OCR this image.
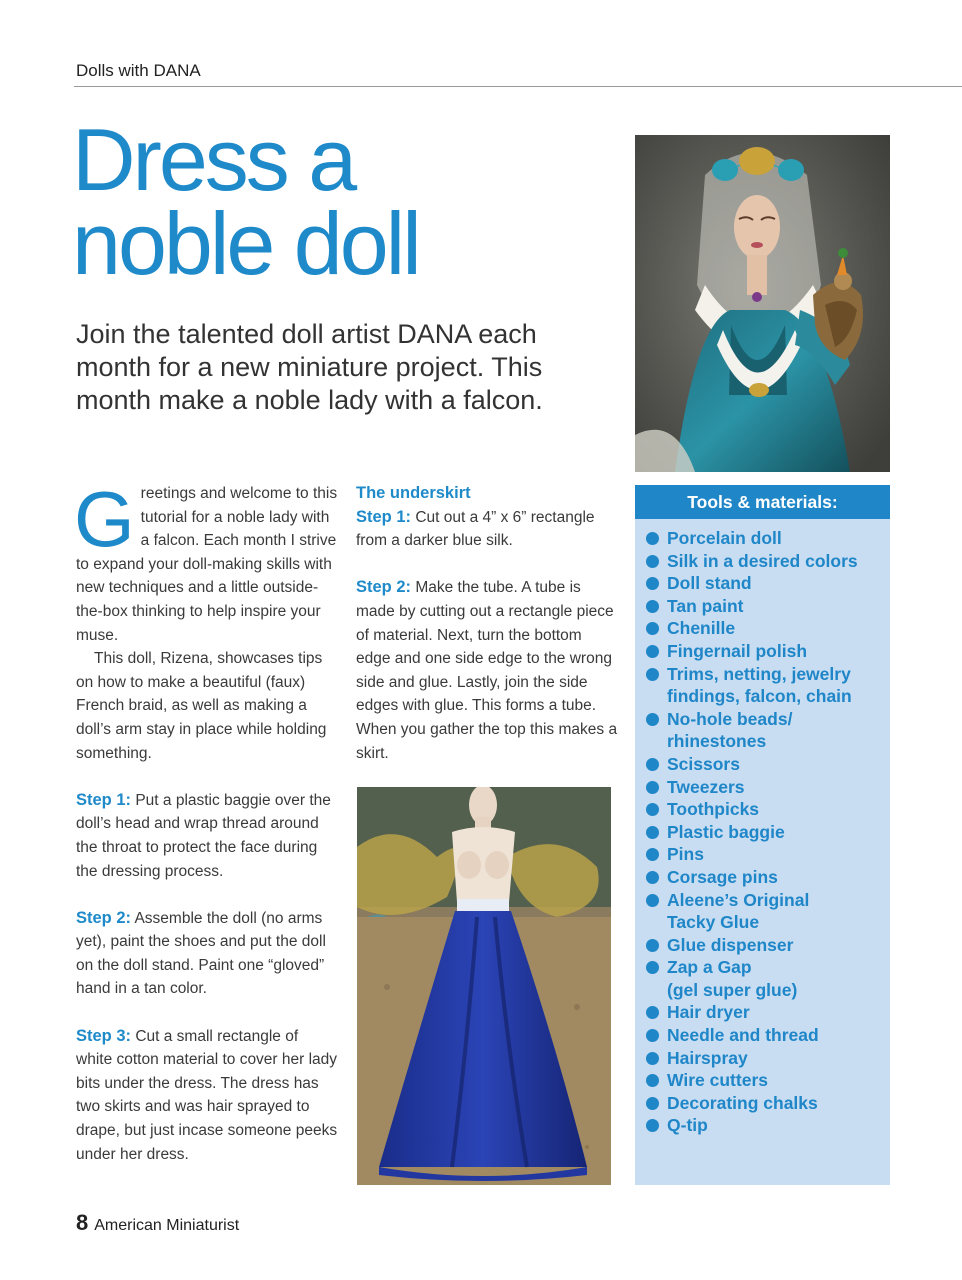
Dolls with DANA
Dress a
noble doll

Join the talented doll artist DANA each month for a new miniature project. This month make a noble lady with a falcon.

Greetings and welcome to this tutorial for a noble lady with a falcon. Each month I strive to expand your doll-making skills with new techniques and a little outside-the-box thinking to help inspire your muse.

This doll, Rizena, showcases tips on how to make a beautiful (faux) French braid, as well as making a doll’s arm stay in place while holding something.

Step 1: Put a plastic baggie over the doll’s head and wrap thread around the throat to protect the face during the dressing process.

Step 2: Assemble the doll (no arms yet), paint the shoes and put the doll on the doll stand. Paint one “gloved” hand in a tan color.

Step 3: Cut a small rectangle of white cotton material to cover her lady bits under the dress. The dress has two skirts and was hair sprayed to drape, but just incase someone peeks under her dress.

The underskirt

Step 1: Cut out a 4” x 6” rectangle from a darker blue silk.

Step 2: Make the tube. A tube is made by cutting out a rectangle piece of material. Next, turn the bottom edge and one side edge to the wrong side and glue. Lastly, join the side edges with glue. This forms a tube. When you gather the top this makes a skirt.

Tools & materials:
Porcelain doll
Silk in a desired colors
Doll stand
Tan paint
Chenille
Fingernail polish
Trims, netting, jewelry
findings, falcon, chain
No-hole beads/
rhinestones
Scissors
Tweezers
Toothpicks
Plastic baggie
Pins
Corsage pins
Aleene’s Original
Tacky Glue
Glue dispenser
Zap a Gap
(gel super glue)
Hair dryer
Needle and thread
Hairspray
Wire cutters
Decorating chalks
Q-tip
8 American Miniaturist
